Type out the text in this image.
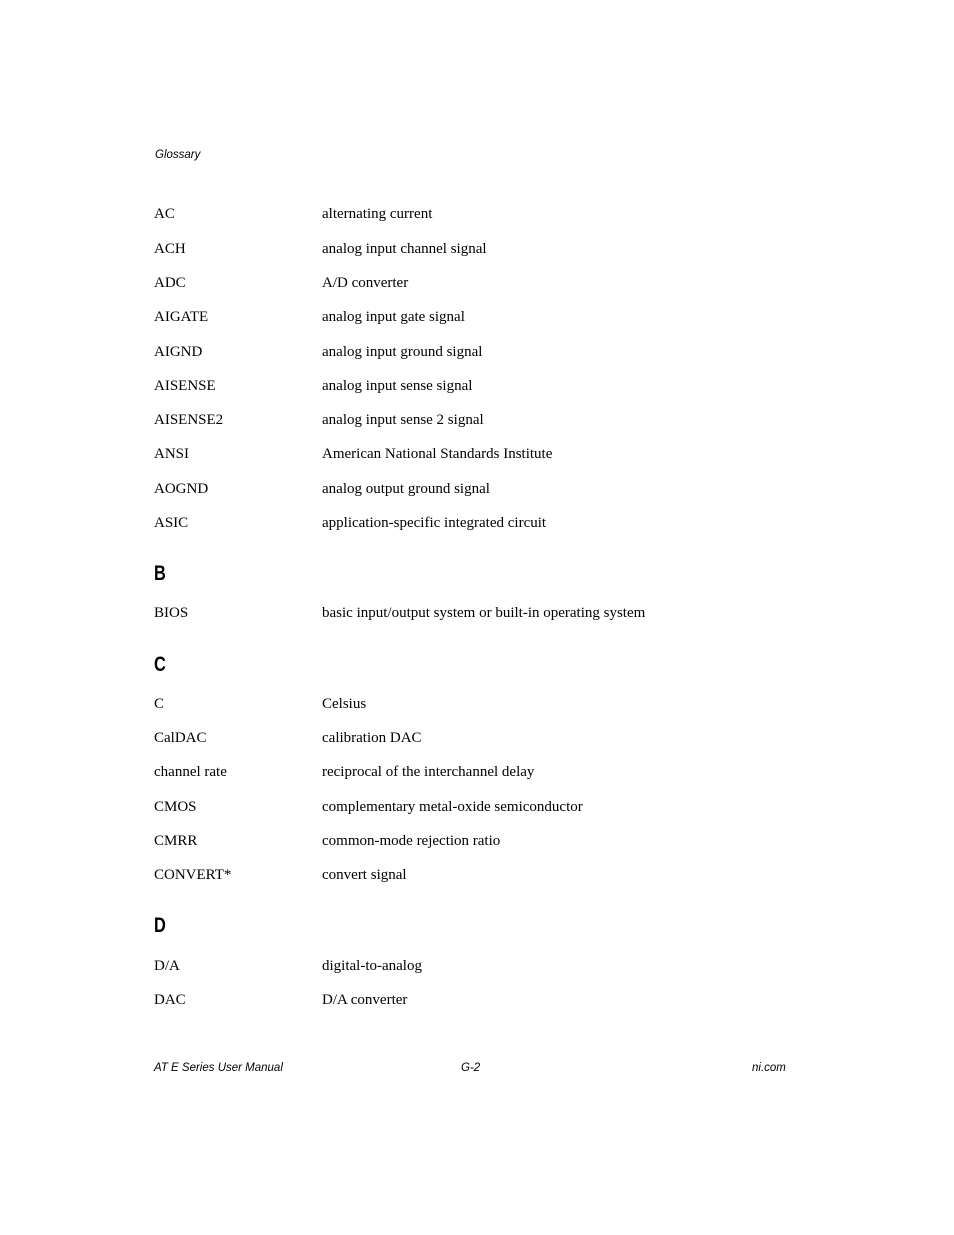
Glossary
AC	alternating current
ACH	analog input channel signal
ADC	A/D converter
AIGATE	analog input gate signal
AIGND	analog input ground signal
AISENSE	analog input sense signal
AISENSE2	analog input sense 2 signal
ANSI	American National Standards Institute
AOGND	analog output ground signal
ASIC	application-specific integrated circuit
B
BIOS	basic input/output system or built-in operating system
C
C	Celsius
CalDAC	calibration DAC
channel rate	reciprocal of the interchannel delay
CMOS	complementary metal-oxide semiconductor
CMRR	common-mode rejection ratio
CONVERT*	convert signal
D
D/A	digital-to-analog
DAC	D/A converter
AT E Series User Manual	G-2	ni.com
